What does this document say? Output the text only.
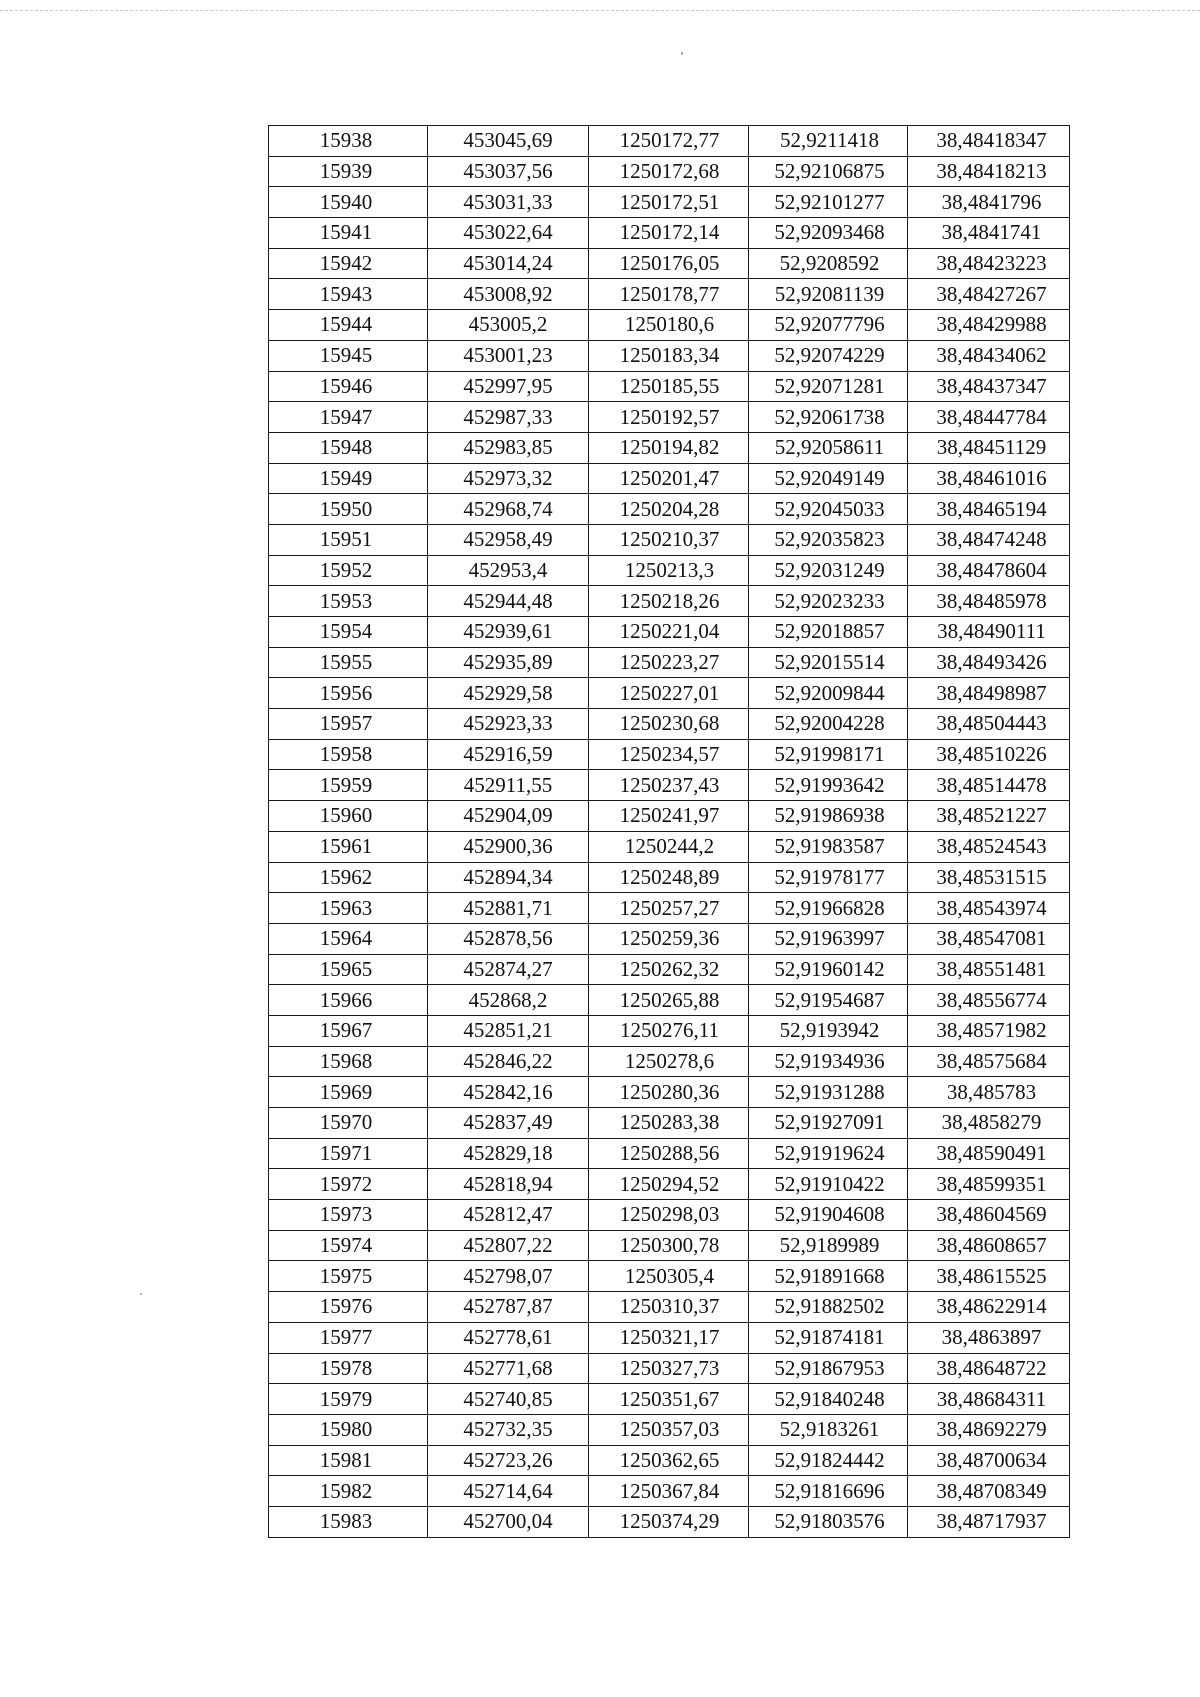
15938	453045,69	1250172,77	52,9211418	38,48418347
15939	453037,56	1250172,68	52,92106875	38,48418213
15940	453031,33	1250172,51	52,92101277	38,4841796
15941	453022,64	1250172,14	52,92093468	38,4841741
15942	453014,24	1250176,05	52,9208592	38,48423223
15943	453008,92	1250178,77	52,92081139	38,48427267
15944	453005,2	1250180,6	52,92077796	38,48429988
15945	453001,23	1250183,34	52,92074229	38,48434062
15946	452997,95	1250185,55	52,92071281	38,48437347
15947	452987,33	1250192,57	52,92061738	38,48447784
15948	452983,85	1250194,82	52,92058611	38,48451129
15949	452973,32	1250201,47	52,92049149	38,48461016
15950	452968,74	1250204,28	52,92045033	38,48465194
15951	452958,49	1250210,37	52,92035823	38,48474248
15952	452953,4	1250213,3	52,92031249	38,48478604
15953	452944,48	1250218,26	52,92023233	38,48485978
15954	452939,61	1250221,04	52,92018857	38,48490111
15955	452935,89	1250223,27	52,92015514	38,48493426
15956	452929,58	1250227,01	52,92009844	38,48498987
15957	452923,33	1250230,68	52,92004228	38,48504443
15958	452916,59	1250234,57	52,91998171	38,48510226
15959	452911,55	1250237,43	52,91993642	38,48514478
15960	452904,09	1250241,97	52,91986938	38,48521227
15961	452900,36	1250244,2	52,91983587	38,48524543
15962	452894,34	1250248,89	52,91978177	38,48531515
15963	452881,71	1250257,27	52,91966828	38,48543974
15964	452878,56	1250259,36	52,91963997	38,48547081
15965	452874,27	1250262,32	52,91960142	38,48551481
15966	452868,2	1250265,88	52,91954687	38,48556774
15967	452851,21	1250276,11	52,9193942	38,48571982
15968	452846,22	1250278,6	52,91934936	38,48575684
15969	452842,16	1250280,36	52,91931288	38,485783
15970	452837,49	1250283,38	52,91927091	38,4858279
15971	452829,18	1250288,56	52,91919624	38,48590491
15972	452818,94	1250294,52	52,91910422	38,48599351
15973	452812,47	1250298,03	52,91904608	38,48604569
15974	452807,22	1250300,78	52,9189989	38,48608657
15975	452798,07	1250305,4	52,91891668	38,48615525
15976	452787,87	1250310,37	52,91882502	38,48622914
15977	452778,61	1250321,17	52,91874181	38,4863897
15978	452771,68	1250327,73	52,91867953	38,48648722
15979	452740,85	1250351,67	52,91840248	38,48684311
15980	452732,35	1250357,03	52,9183261	38,48692279
15981	452723,26	1250362,65	52,91824442	38,48700634
15982	452714,64	1250367,84	52,91816696	38,48708349
15983	452700,04	1250374,29	52,91803576	38,48717937
